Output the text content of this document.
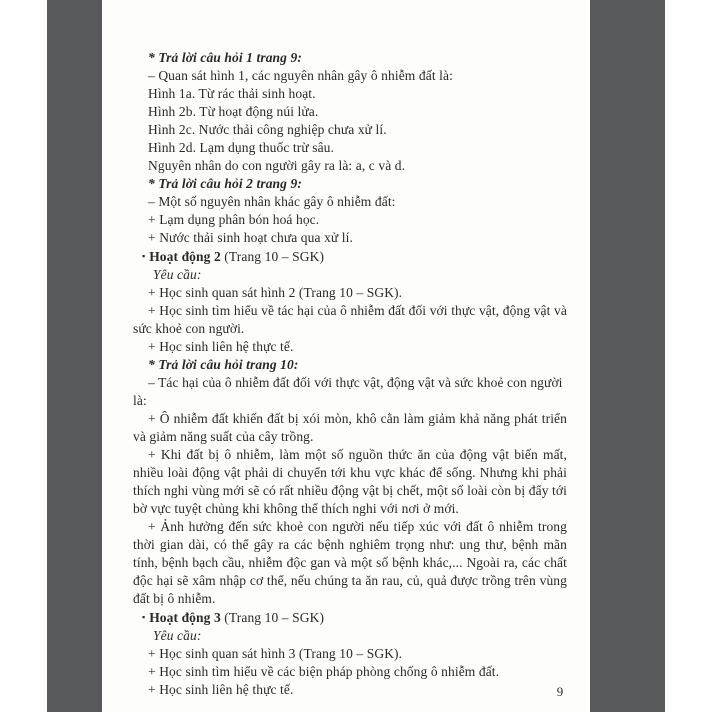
* Trả lời câu hỏi 1 trang 9:

– Quan sát hình 1, các nguyên nhân gây ô nhiễm đất là:

Hình 1a. Từ rác thải sinh hoạt.

Hình 2b. Từ hoạt động núi lửa.

Hình 2c. Nước thải công nghiệp chưa xử lí.

Hình 2d. Lạm dụng thuốc trừ sâu.

Nguyên nhân do con người gây ra là: a, c và d.

* Trả lời câu hỏi 2 trang 9:

– Một số nguyên nhân khác gây ô nhiễm đất:

+ Lạm dụng phân bón hoá học.

+ Nước thải sinh hoạt chưa qua xử lí.

▪ Hoạt động 2 (Trang 10 – SGK)

Yêu cầu:

+ Học sinh quan sát hình 2 (Trang 10 – SGK).

+ Học sinh tìm hiểu về tác hại của ô nhiễm đất đối với thực vật, động vật và sức khoẻ con người.

+ Học sinh liên hệ thực tế.

* Trả lời câu hỏi trang 10:

– Tác hại của ô nhiễm đất đối với thực vật, động vật và sức khoẻ con người là:

+ Ô nhiễm đất khiến đất bị xói mòn, khô cằn làm giảm khả năng phát triển và giảm năng suất của cây trồng.

+ Khi đất bị ô nhiễm, làm một số nguồn thức ăn của động vật biến mất, nhiều loài động vật phải di chuyển tới khu vực khác để sống. Nhưng khi phải thích nghi vùng mới sẽ có rất nhiều động vật bị chết, một số loài còn bị đẩy tới bờ vực tuyệt chủng khi không thể thích nghi với nơi ở mới.

+ Ảnh hưởng đến sức khoẻ con người nếu tiếp xúc với đất ô nhiễm trong thời gian dài, có thể gây ra các bệnh nghiêm trọng như: ung thư, bệnh mãn tính, bệnh bạch cầu, nhiễm độc gan và một số bệnh khác,... Ngoài ra, các chất độc hại sẽ xâm nhập cơ thể, nếu chúng ta ăn rau, củ, quả được trồng trên vùng đất bị ô nhiễm.

▪ Hoạt động 3 (Trang 10 – SGK)

Yêu cầu:

+ Học sinh quan sát hình 3 (Trang 10 – SGK).

+ Học sinh tìm hiểu về các biện pháp phòng chống ô nhiễm đất.

+ Học sinh liên hệ thực tế.	9
